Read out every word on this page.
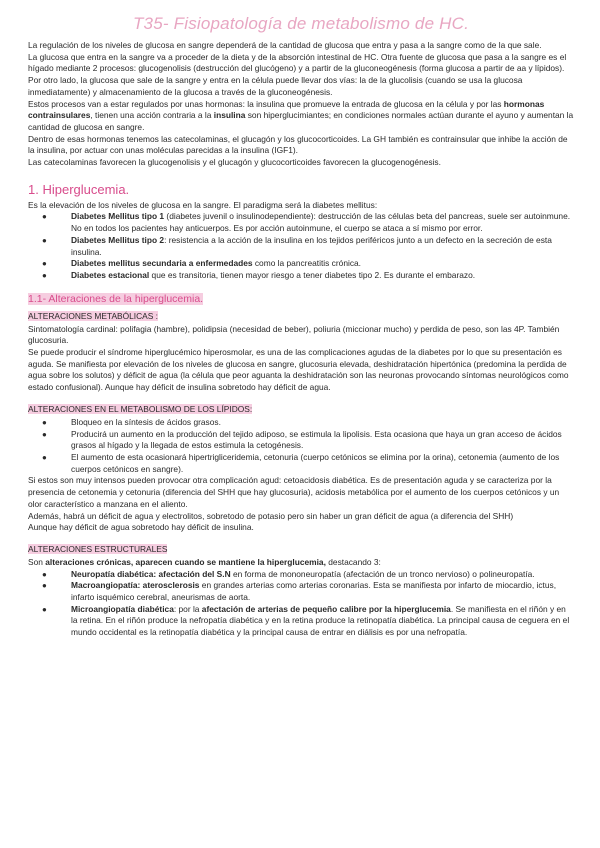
T35- Fisiopatología de metabolismo de HC.

La regulación de los niveles de glucosa en sangre dependerá de la cantidad de glucosa que entra y pasa a la sangre como de la que sale.

La glucosa que entra en la sangre va a proceder de la dieta y de la absorción intestinal de HC. Otra fuente de glucosa que pasa a la sangre es el hígado mediante 2 procesos: glucogenolisis (destrucción del glucógeno) y a partir de la gluconeogénesis (forma glucosa a partir de aa y lípidos).

Por otro lado, la glucosa que sale de la sangre y entra en la célula puede llevar dos vías: la de la glucolisis (cuando se usa la glucosa inmediatamente) y almacenamiento de la glucosa a través de la gluconeogénesis.

Estos procesos van a estar regulados por unas hormonas: la insulina que promueve la entrada de glucosa en la célula y por las hormonas contrainsulares, tienen una acción contraria a la insulina son hiperglucimiantes; en condiciones normales actúan durante el ayuno y aumentan la cantidad de glucosa en sangre.

Dentro de esas hormonas tenemos las catecolaminas, el glucagón y los glucocorticoides. La GH también es contrainsular que inhibe la acción de la insulina, por actuar con unas moléculas parecidas a la insulina (IGF1).

Las catecolaminas favorecen la glucogenolisis y el glucagón y glucocorticoides favorecen la glucogenogénesis.

1. Hiperglucemia.

Es la elevación de los niveles de glucosa en la sangre. El paradigma será la diabetes mellitus:

●	Diabetes Mellitus tipo 1 (diabetes juvenil o insulinodependiente): destrucción de las células beta del pancreas, suele ser autoinmune. No en todos los pacientes hay anticuerpos. Es por acción autoinmune, el cuerpo se ataca a sí mismo por error.
●	Diabetes Mellitus tipo 2: resistencia a la acción de la insulina en los tejidos periféricos junto a un defecto en la secreción de esta insulina.
●	Diabetes mellitus secundaria a enfermedades como la pancreatitis crónica.
●	Diabetes estacional que es transitoria, tienen mayor riesgo a tener diabetes tipo 2. Es durante el embarazo.
1.1- Alteraciones de la hiperglucemia.
ALTERACIONES METABÓLICAS :

Sintomatología cardinal: polifagia (hambre), polidipsia (necesidad de beber), poliuria (miccionar mucho) y perdida de peso, son las 4P. También glucosuria.

Se puede producir el síndrome hiperglucémico hiperosmolar, es una de las complicaciones agudas de la diabetes por lo que su presentación es aguda. Se manifiesta por elevación de los niveles de glucosa en sangre, glucosuria elevada, deshidratación hipertónica (predomina la perdida de agua sobre los solutos) y déficit de agua (la célula que peor aguanta la deshidratación son las neuronas provocando síntomas neurológicos como estado confusional). Aunque hay déficit de insulina sobretodo hay déficit de agua.

ALTERACIONES EN EL METABOLISMO DE LOS LÍPIDOS:
●	Bloqueo en la síntesis de ácidos grasos.
●	Producirá un aumento en la producción del tejido adiposo, se estimula la lipolisis. Esta ocasiona que haya un gran acceso de ácidos grasos al hígado y la llegada de estos estimula la cetogénesis.
●	El aumento de esta ocasionará hipertrigliceridemia, cetonuria (cuerpo cetónicos se elimina por la orina), cetonemia (aumento de los cuerpos cetónicos en sangre).

Si estos son muy intensos pueden provocar otra complicación agud: cetoacidosis diabética. Es de presentación aguda y se caracteriza por la presencia de cetonemia y cetonuria (diferencia del SHH que hay glucosuria), acidosis metabólica por el aumento de los cuerpos cetónicos y un olor característico a manzana en el aliento.

Además, habrá un déficit de agua y electrolitos, sobretodo de potasio pero sin haber un gran déficit de agua (a diferencia del SHH)

Aunque hay déficit de agua sobretodo hay déficit de insulina.

ALTERACIONES ESTRUCTURALES

Son alteraciones crónicas, aparecen cuando se mantiene la hiperglucemia, destacando 3:

●	Neuropatía diabética: afectación del S.N en forma de mononeuropatía (afectación de un tronco nervioso) o polineuropatía.
●	Macroangiopatía: aterosclerosis en grandes arterias como arterias coronarias. Esta se manifiesta por infarto de miocardio, ictus, infarto isquémico cerebral, aneurismas de aorta.
●	Microangiopatía diabética: por la afectación de arterias de pequeño calibre por la hiperglucemia. Se manifiesta en el riñón y en la retina. En el riñón produce la nefropatía diabética y en la retina produce la retinopatía diabética. La principal causa de ceguera en el mundo occidental es la retinopatía diabética y la principal causa de entrar en diálisis es por una nefropatía.
